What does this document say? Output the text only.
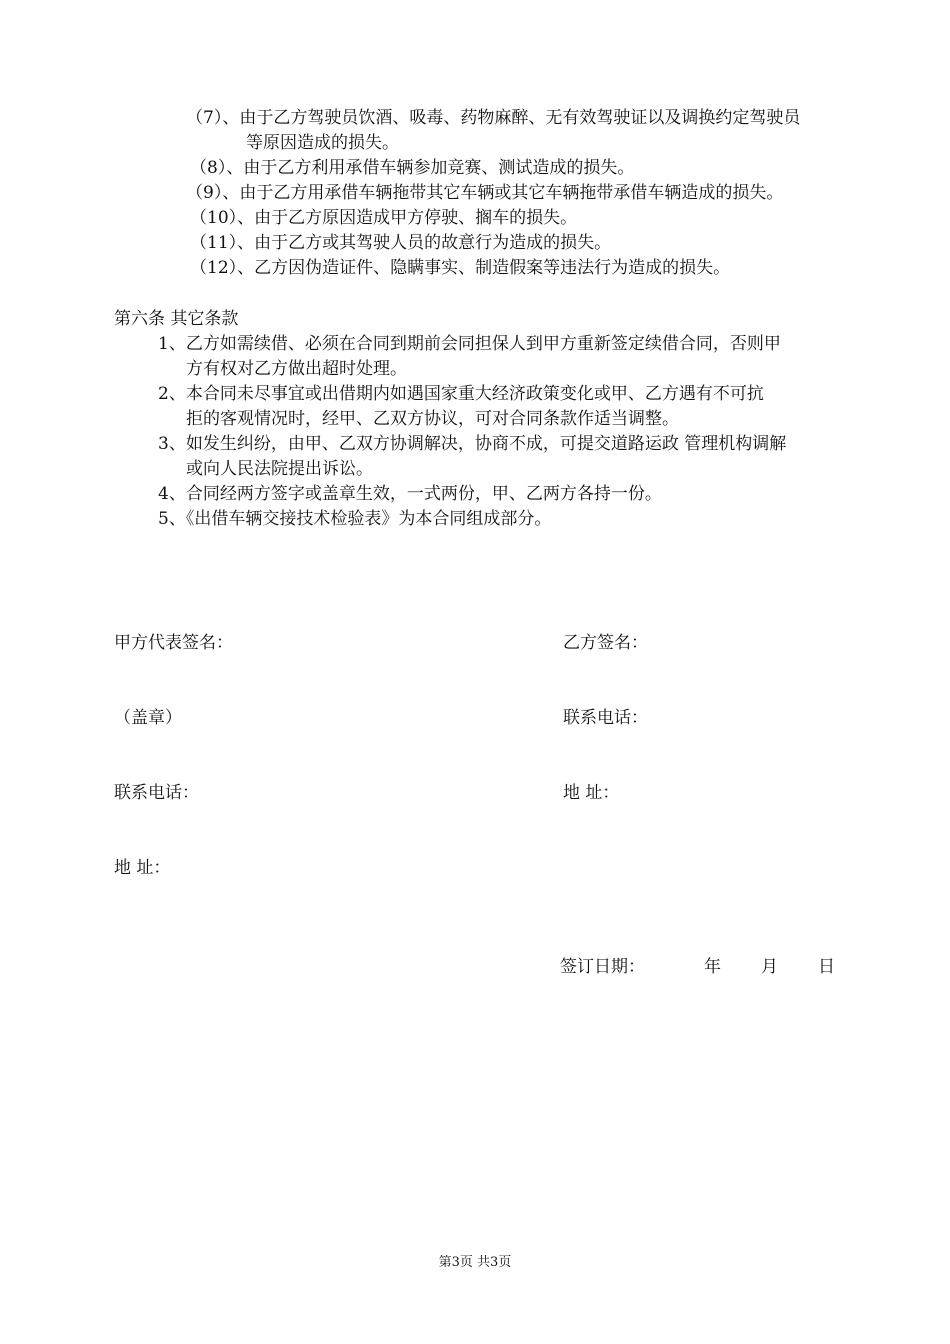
（7）、由于乙方驾驶员饮酒、吸毒、药物麻醉、无有效驾驶证以及调换约定驾驶员
等原因造成的损失。
（8）、由于乙方利用承借车辆参加竞赛、测试造成的损失。
（9）、由于乙方用承借车辆拖带其它车辆或其它车辆拖带承借车辆造成的损失。
（10）、由于乙方原因造成甲方停驶、搁车的损失。
（11）、由于乙方或其驾驶人员的故意行为造成的损失。
（12）、乙方因伪造证件、隐瞒事实、制造假案等违法行为造成的损失。
第六条 其它条款
1、乙方如需续借、必须在合同到期前会同担保人到甲方重新签定续借合同，否则甲
方有权对乙方做出超时处理。
2、本合同未尽事宜或出借期内如遇国家重大经济政策变化或甲、乙方遇有不可抗
拒的客观情况时，经甲、乙双方协议，可对合同条款作适当调整。
3、如发生纠纷，由甲、乙双方协调解决，协商不成，可提交道路运政 管理机构调解
或向人民法院提出诉讼。
4、合同经两方签字或盖章生效，一式两份，甲、乙两方各持一份。
5、《出借车辆交接技术检验表》为本合同组成部分。
甲方代表签名：	乙方签名：
（盖章）	联系电话：
联系电话：	地 址：
地 址：
签订日期：	年 月 日
第3页 共3页
